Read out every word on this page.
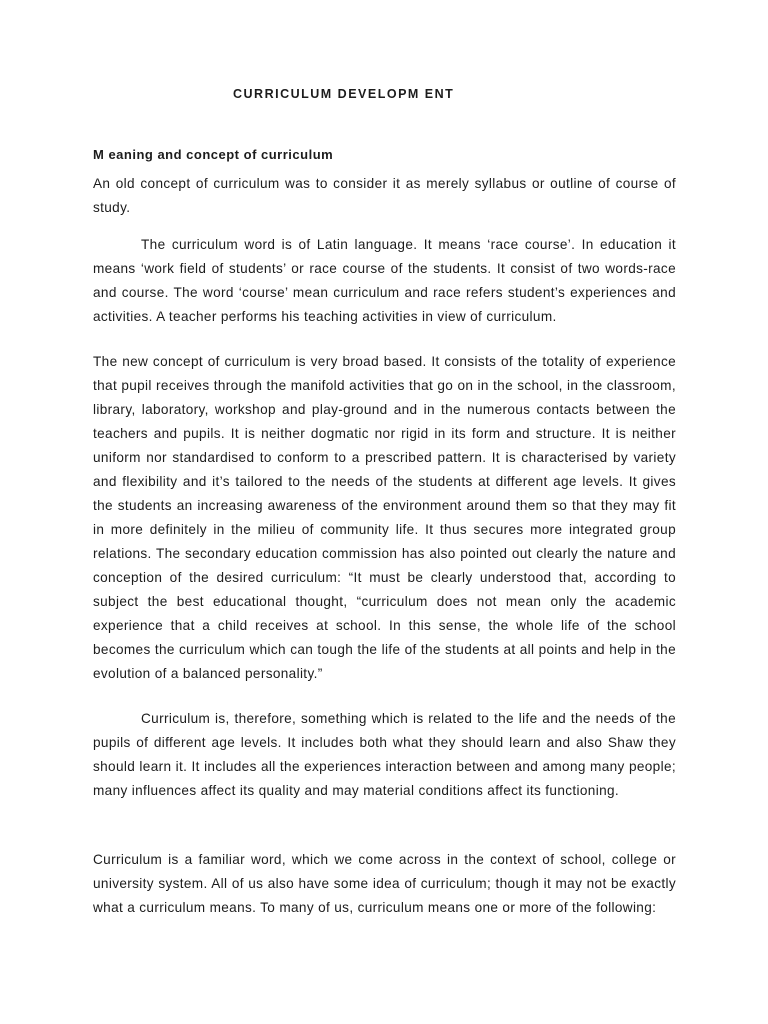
CURRICULUM DEVELOPM ENT
M eaning and concept of curriculum

An old concept of curriculum was to consider it as merely syllabus or outline of course of study.

The curriculum word is of Latin language. It means ‘race course’. In education it means ‘work field of students’ or race course of the students. It consist of two words-race and course. The word ‘course’ mean curriculum and race refers student’s experiences and activities. A teacher performs his teaching activities in view of curriculum.

The new concept of curriculum is very broad based. It consists of the totality of experience that pupil receives through the manifold activities that go on in the school, in the classroom, library, laboratory, workshop and play-ground and in the numerous contacts between the teachers and pupils. It is neither dogmatic nor rigid in its form and structure. It is neither uniform nor standardised to conform to a prescribed pattern. It is characterised by variety and flexibility and it’s tailored to the needs of the students at different age levels. It gives the students an increasing awareness of the environment around them so that they may fit in more definitely in the milieu of community life. It thus secures more integrated group relations. The secondary education commission has also pointed out clearly the nature and conception of the desired curriculum: “It must be clearly understood that, according to subject the best educational thought, “curriculum does not mean only the academic experience that a child receives at school. In this sense, the whole life of the school becomes the curriculum which can tough the life of the students at all points and help in the evolution of a balanced personality.”

Curriculum is, therefore, something which is related to the life and the needs of the pupils of different age levels. It includes both what they should learn and also Shaw they should learn it. It includes all the experiences interaction between and among many people; many influences affect its quality and may material conditions affect its functioning.

Curriculum is a familiar word, which we come across in the context of school, college or university system. All of us also have some idea of curriculum; though it may not be exactly what a curriculum means. To many of us, curriculum means one or more of the following:
